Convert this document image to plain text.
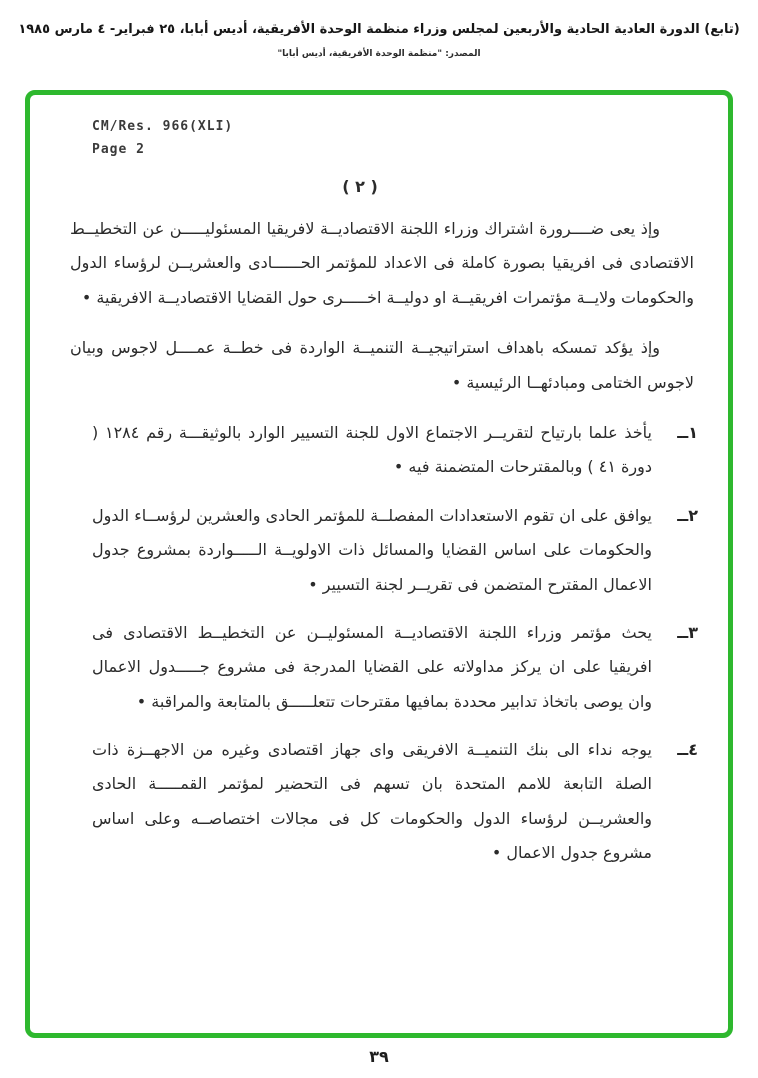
(تابع) الدورة العادية الحادية والأربعين لمجلس وزراء منظمة الوحدة الأفريقية، أديس أبابا، ٢٥ فبراير- ٤ مارس ١٩٨٥
المصدر: "منظمة الوحدة الأفريقية، أديس أبابا"
CM/Res. 966(XLI)
Page 2
( ٢ )

وإذ يعى ضــــرورة اشتراك وزراء اللجنة الاقتصاديــة لافريقيا المسئوليـــــن عن التخطيــط الاقتصادى فى افريقيا بصورة كاملة فى الاعداد للمؤتمر الحــــــادى والعشريــن لرؤساء الدول والحكومات ولايــة مؤتمرات افريقيــة او دوليــة اخـــــرى حول القضايا الاقتصاديــة الافريقية •

وإذ يؤكد تمسكه باهداف استراتيجيــة التنميــة الواردة فى خطــة عمــــل لاجوس وبيان لاجوس الختامى ومبادئهــا الرئيسية •

١ــ
يأخذ علما بارتياح لتقريــر الاجتماع الاول للجنة التسيير الوارد بالوثيقـــة رقم ١٢٨٤ ( دورة ٤١ ) وبالمقترحات المتضمنة فيه •
٢ــ
يوافق على ان تقوم الاستعدادات المفصلــة للمؤتمر الحادى والعشرين لرؤســاء الدول والحكومات على اساس القضايا والمسائل ذات الاولويــة الـــــواردة بمشروع جدول الاعمال المقترح المتضمن فى تقريــر لجنة التسيير •
٣ــ
يحث مؤتمر وزراء اللجنة الاقتصاديــة المسئوليــن عن التخطيــط الاقتصادى فى افريقيا على ان يركز مداولاته على القضايا المدرجة فى مشروع جـــــدول الاعمال وان يوصى باتخاذ تدابير محددة بمافيها مقترحات تتعلـــــق بالمتابعة والمراقبة •
٤ــ
يوجه نداء الى بنك التنميــة الافريقى واى جهاز اقتصادى وغيره من الاجهــزة ذات الصلة التابعة للامم المتحدة بان تسهم فى التحضير لمؤتمر القمـــــة الحادى والعشريــن لرؤساء الدول والحكومات كل فى مجالات اختصاصــه وعلى اساس مشروع جدول الاعمال •
٣٩
